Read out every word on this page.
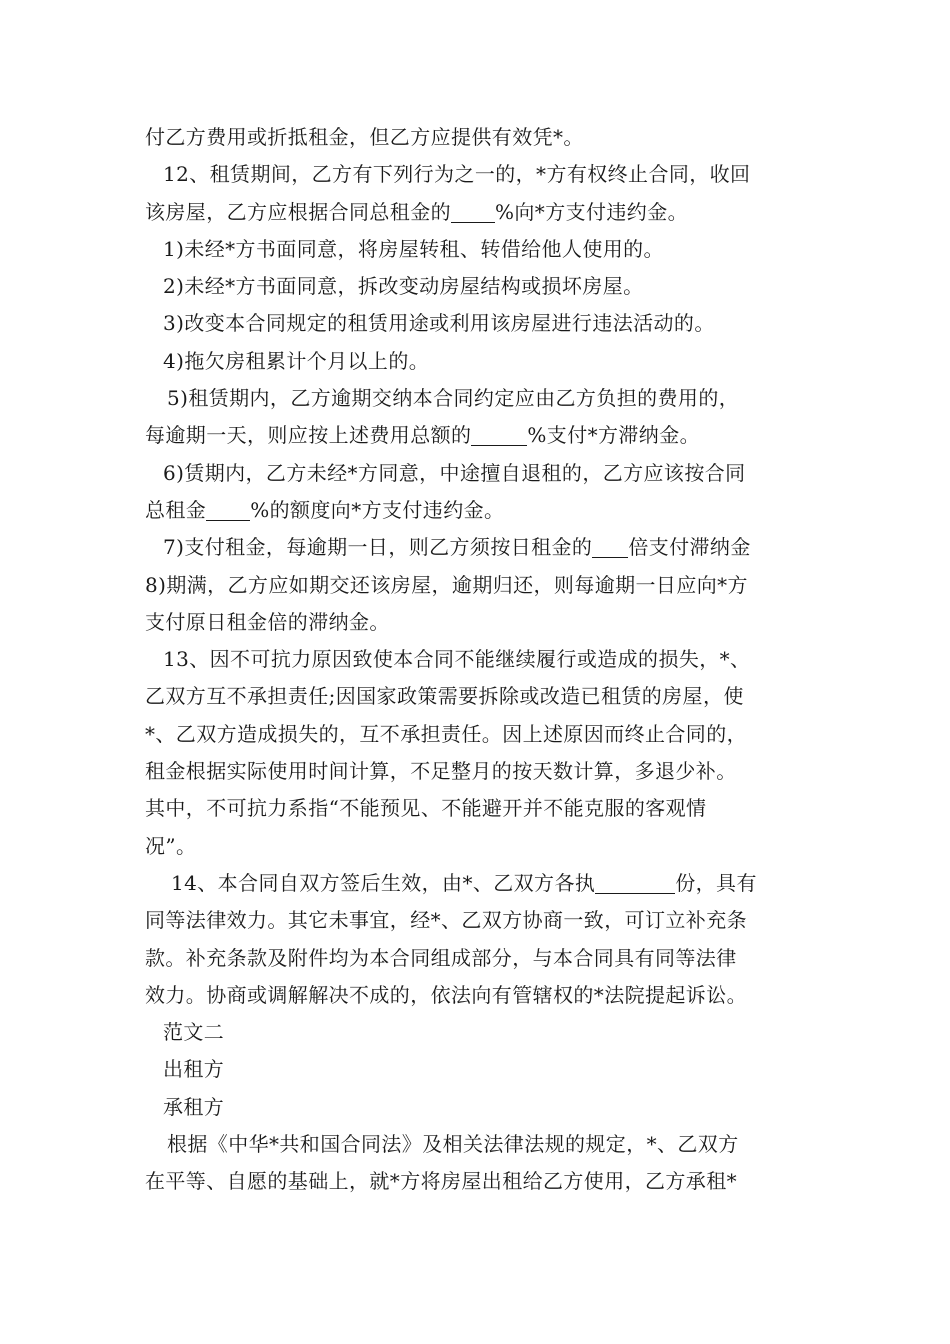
付乙方费用或折抵租金，但乙方应提供有效凭*。
12、租赁期间，乙方有下列行为之一的，*方有权终止合同，收回
该房屋，乙方应根据合同总租金的 %向*方支付违约金。
1)未经*方书面同意，将房屋转租、转借给他人使用的。
2)未经*方书面同意，拆改变动房屋结构或损坏房屋。
3)改变本合同规定的租赁用途或利用该房屋进行违法活动的。
4)拖欠房租累计个月以上的。
5)租赁期内，乙方逾期交纳本合同约定应由乙方负担的费用的，
每逾期一天，则应按上述费用总额的	%支付*方滞纳金。
6)赁期内，乙方未经*方同意，中途擅自退租的，乙方应该按合同
总租金 %的额度向*方支付违约金。
7)支付租金，每逾期一日，则乙方须按日租金的 倍支付滞纳金
8)期满，乙方应如期交还该房屋，逾期归还，则每逾期一日应向*方
支付原日租金倍的滞纳金。
13、因不可抗力原因致使本合同不能继续履行或造成的损失，*、
乙双方互不承担责任;因国家政策需要拆除或改造已租赁的房屋，使
*、乙双方造成损失的，互不承担责任。因上述原因而终止合同的，
租金根据实际使用时间计算，不足整月的按天数计算，多退少补。
其中，不可抗力系指“不能预见、不能避开并不能克服的客观情
况”。
14、本合同自双方签后生效，由*、乙双方各执	份，具有
同等法律效力。其它未事宜，经*、乙双方协商一致，可订立补充条
款。补充条款及附件均为本合同组成部分，与本合同具有同等法律
效力。协商或调解解决不成的，依法向有管辖权的*法院提起诉讼。
范文二
出租方
承租方
根据《中华*共和国合同法》及相关法律法规的规定，*、乙双方
在平等、自愿的基础上，就*方将房屋出租给乙方使用，乙方承租*
